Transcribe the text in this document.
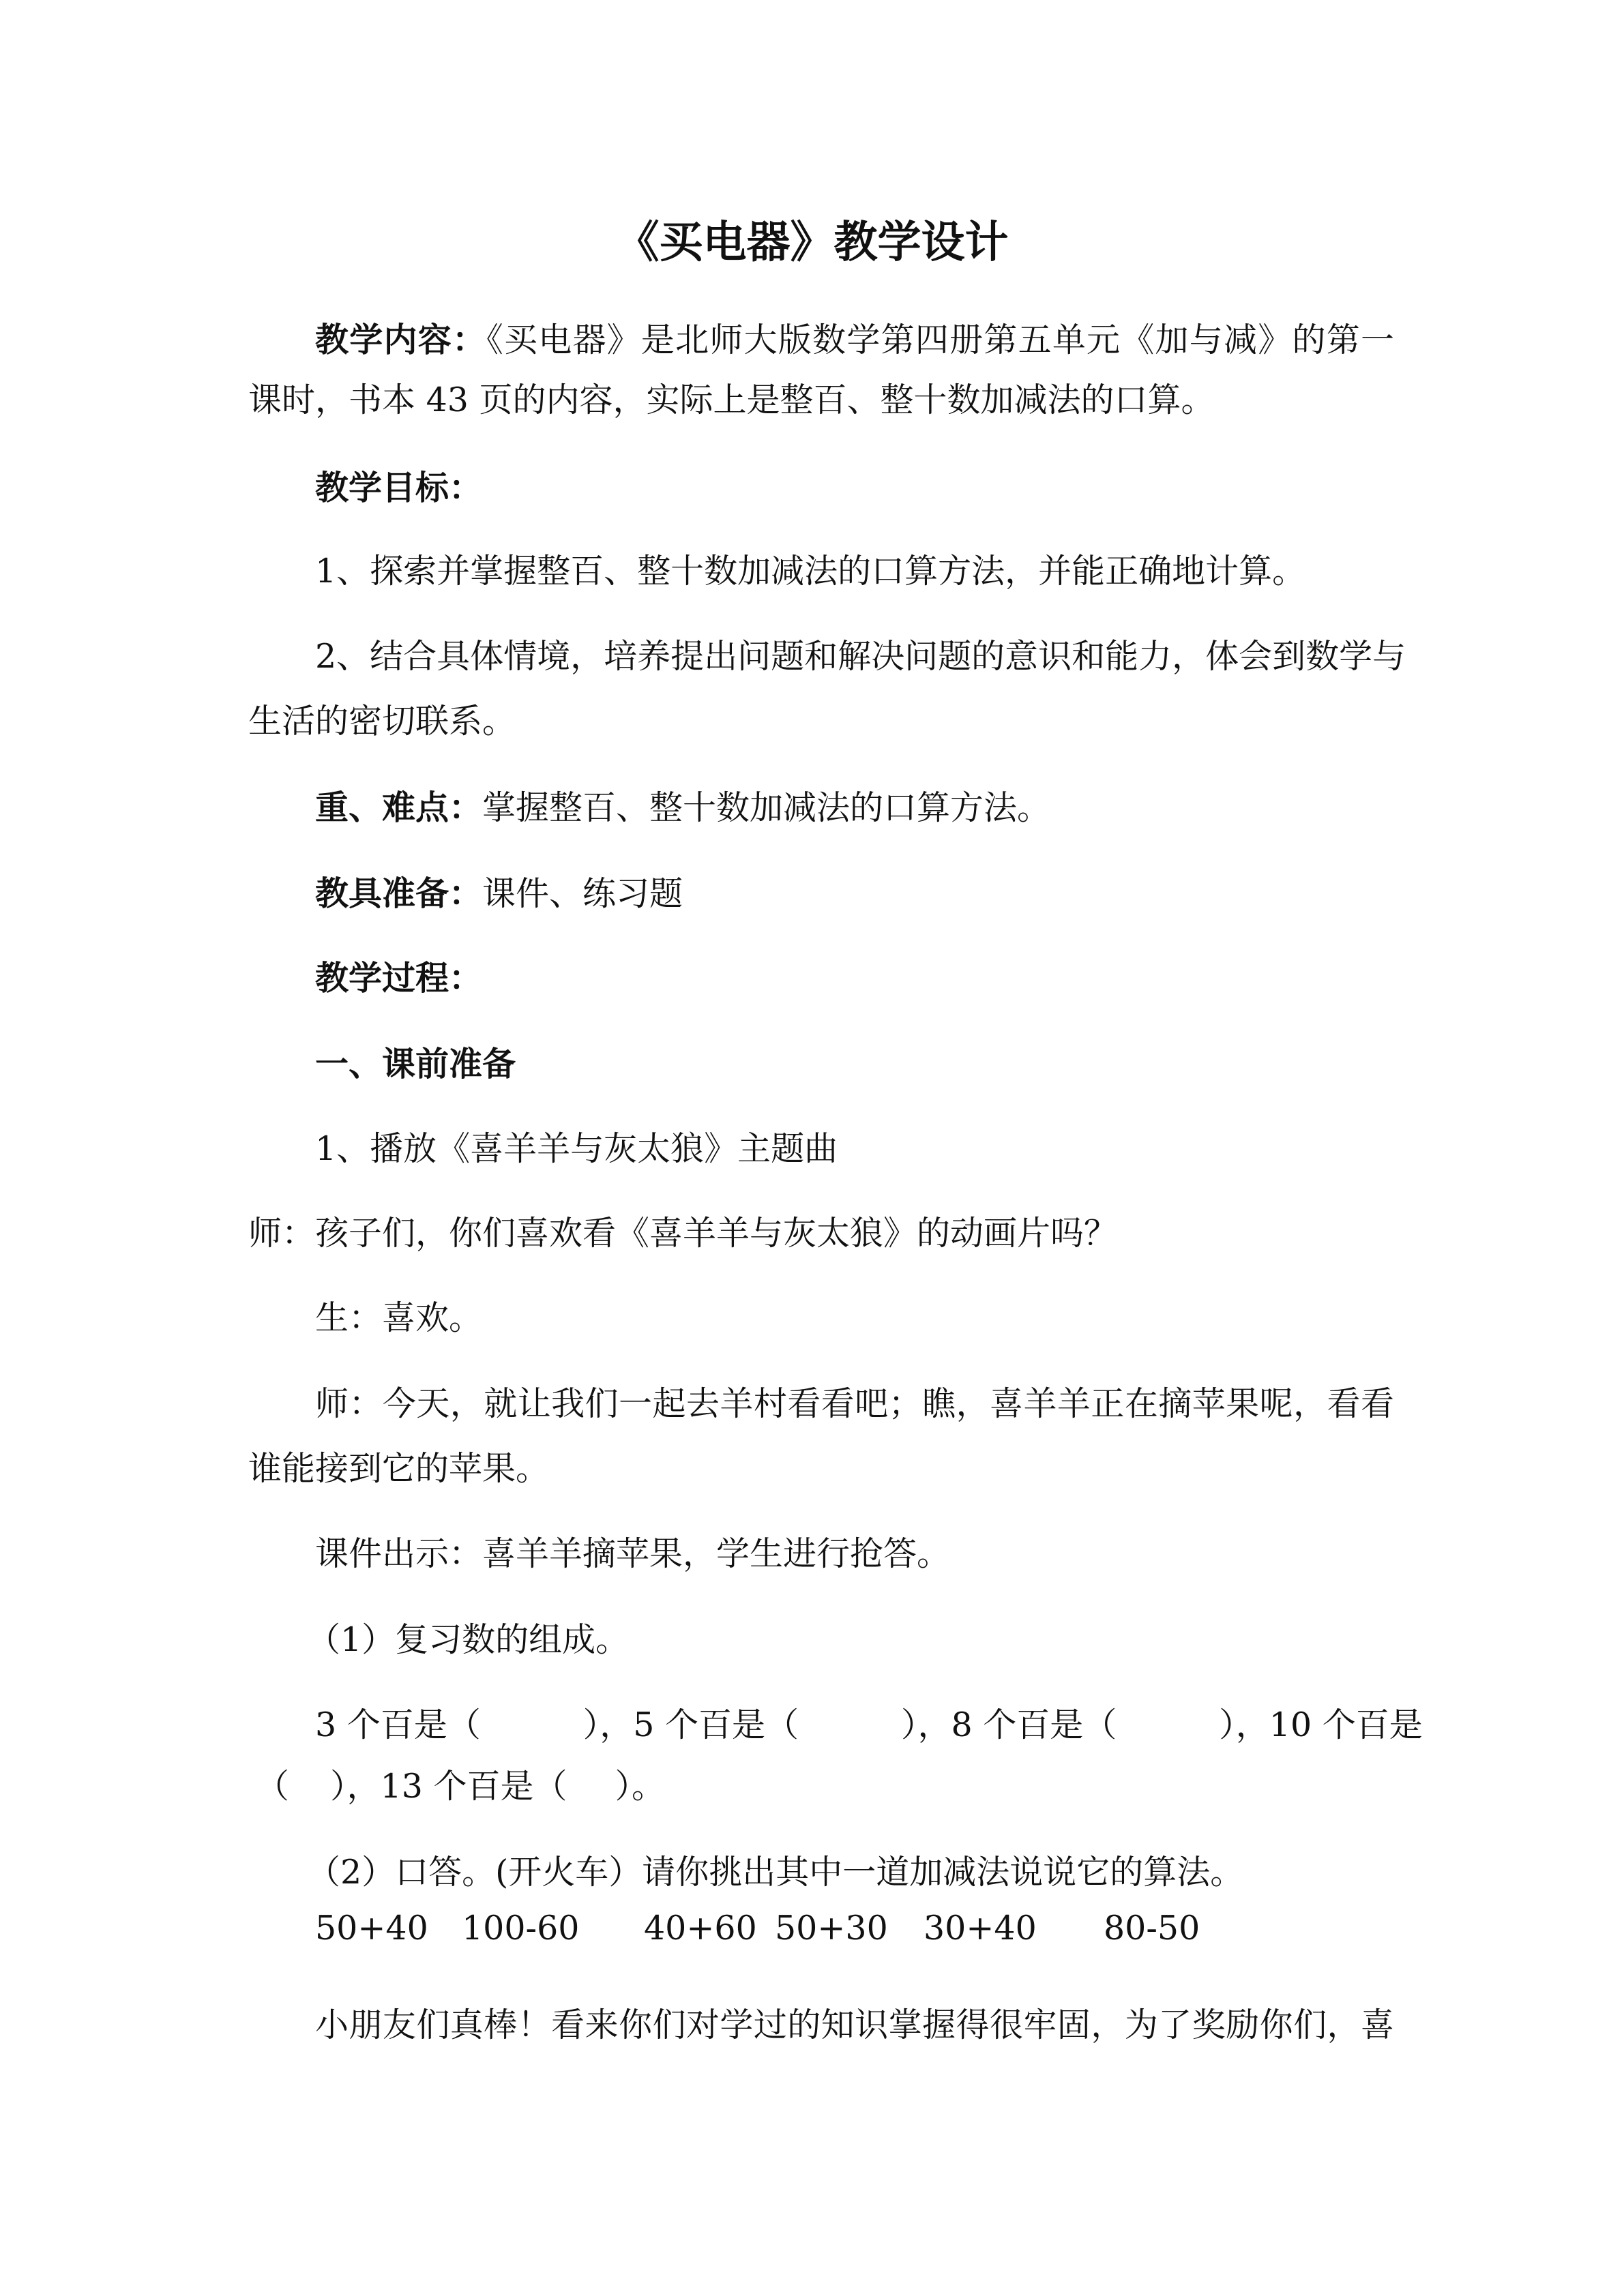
《买电器》教学设计
教学内容：《买电器》是北师大版数学第四册第五单元《加与减》的第一
课时，书本 43 页的内容，实际上是整百、整十数加减法的口算。
教学目标：
1、探索并掌握整百、整十数加减法的口算方法，并能正确地计算。
2、结合具体情境，培养提出问题和解决问题的意识和能力，体会到数学与
生活的密切联系。
重、难点：掌握整百、整十数加减法的口算方法。
教具准备：课件、练习题
教学过程：
一、课前准备
1、播放《喜羊羊与灰太狼》主题曲
师：孩子们，你们喜欢看《喜羊羊与灰太狼》的动画片吗？
生：喜欢。
师：今天，就让我们一起去羊村看看吧；瞧，喜羊羊正在摘苹果呢，看看
谁能接到它的苹果。
课件出示：喜羊羊摘苹果，学生进行抢答。
（1）复习数的组成。
3 个百是（	），5 个百是（	），8 个百是（	），10 个百是
（ ），13 个百是（ ）。
（2）口答。(开火车）请你挑出其中一道加减法说说它的算法。
50+40 100-60 40+60 50+30 30+40 80-50
小朋友们真棒！看来你们对学过的知识掌握得很牢固，为了奖励你们，喜
